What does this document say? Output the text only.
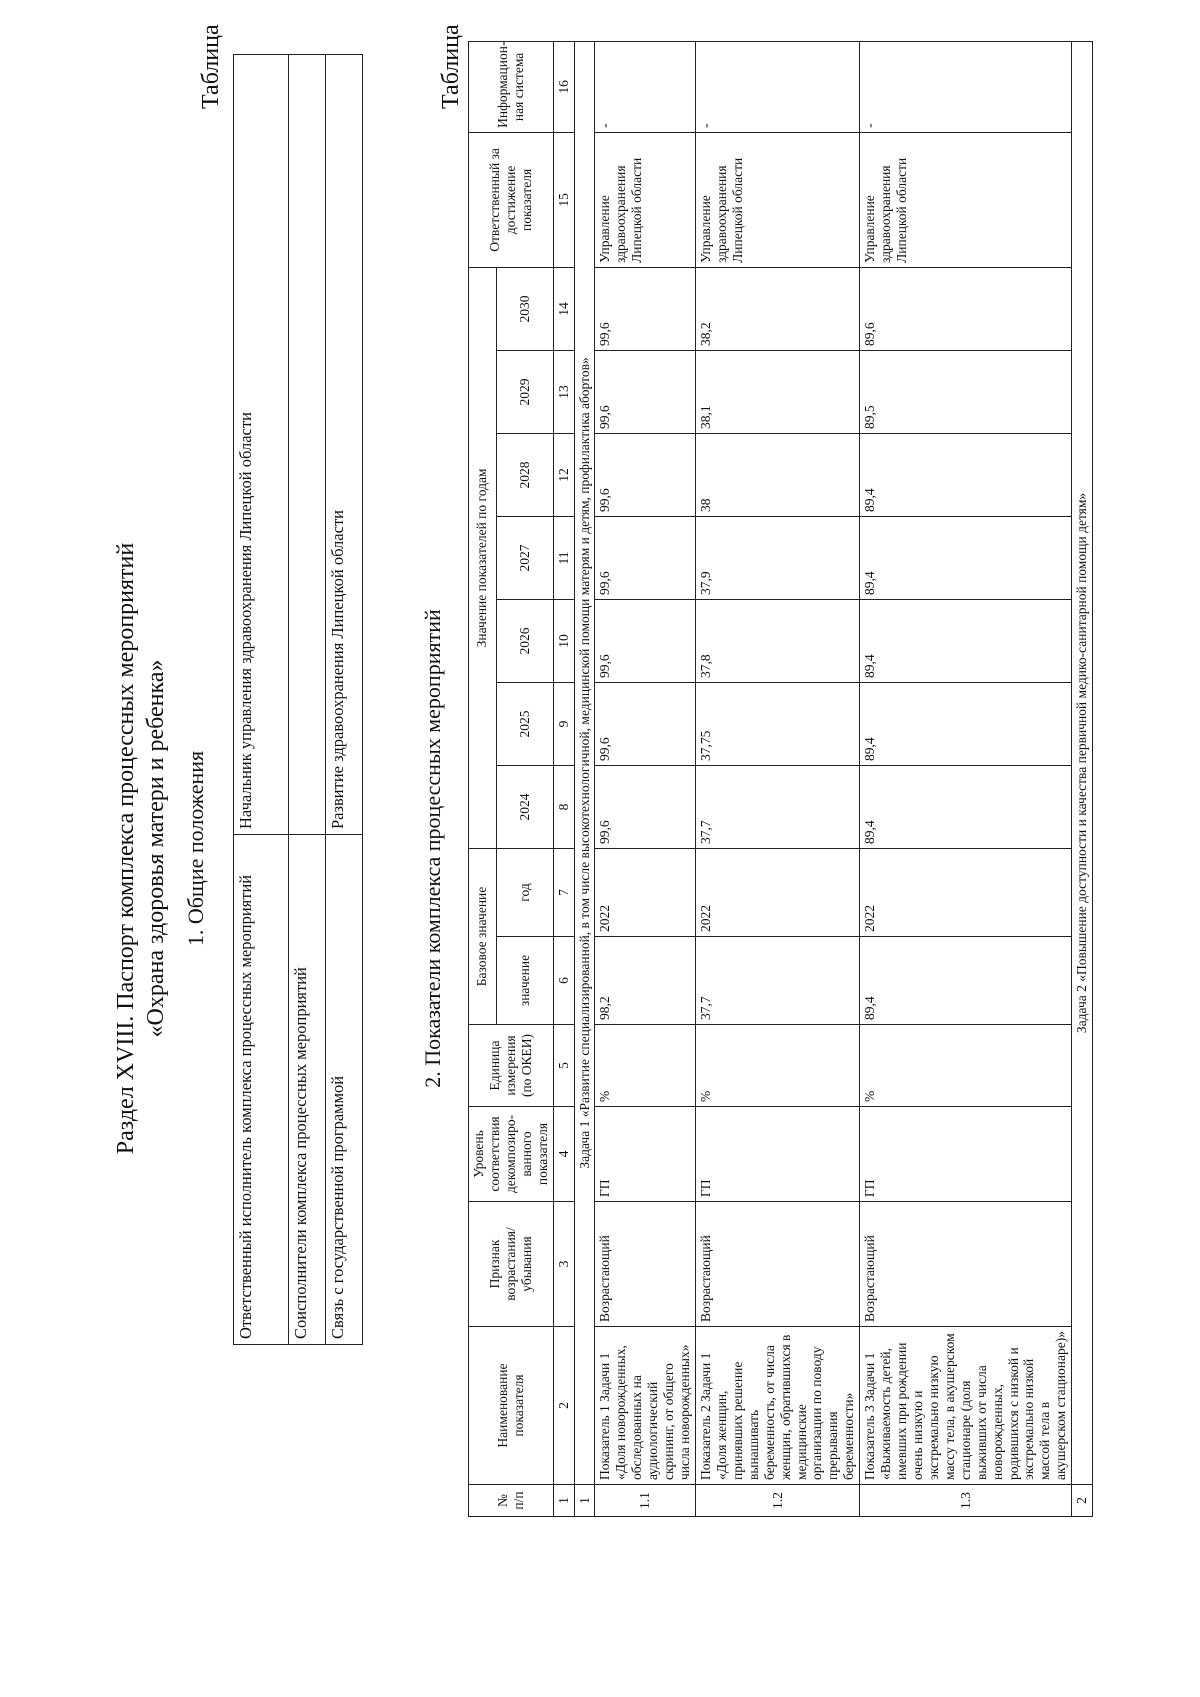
Раздел XVIII. Паспорт комплекса процессных мероприятий «Охрана здоровья матери и ребенка» 1. Общие положения
Таблица
Ответственный исполнитель комплекса процессных мероприятий	Начальник управления здравоохранения Липецкой области
Соисполнители комплекса процессных мероприятий	
Связь с государственной программой	Развитие здравоохранения Липецкой области	2. Показатели комплекса процессных мероприятий
Таблица
№ п/п	Наименование показателя	Признак возрастания/ убывания	Уровень соответствия декомпозиро-ванного показателя	Единица измерения (по ОКЕИ)	Базовое значение		Значение показателей по годам							Ответственный за достижение показателя	Информацион-ная система
					значение	год	2024	2025	2026	2027	2028	2029	2030		
1	2	3	4	5	6	7	8	9	10	11	12	13	14	15	16
1	Задача 1 «Развитие специализированной, в том числе высокотехнологичной, медицинской помощи матерям и детям, профилактика абортов»														
1.1	Показатель 1 Задачи 1 «Доля новорожденных, обследованных на аудиологический скрининг, от общего числа новорожденных»	Возрастающий	ГП	%	98,2	2022	99,6	99,6	99,6	99,6	99,6	99,6	99,6	Управление здравоохранения Липецкой области	-
1.2	Показатель 2 Задачи 1 «Доля женщин, принявших решение вынашивать беременность, от числа женщин, обратившихся в медицинские организации по поводу прерывания беременности»	Возрастающий	ГП	%	37,7	2022	37,7	37,75	37,8	37,9	38	38,1	38,2	Управление здравоохранения Липецкой области	-
1.3	Показатель 3 Задачи 1 «Выживаемость детей, имевших при рождении очень низкую и экстремально низкую массу тела, в акушерском стационаре (доля выживших от числа новорожденных, родившихся с низкой и экстремально низкой массой тела в акушерском стационаре)»	Возрастающий	ГП	%	89,4	2022	89,4	89,4	89,4	89,4	89,4	89,5	89,6	Управление здравоохранения Липецкой области	-
2	Задача 2 «Повышение доступности и качества первичной медико-санитарной помощи детям»														
